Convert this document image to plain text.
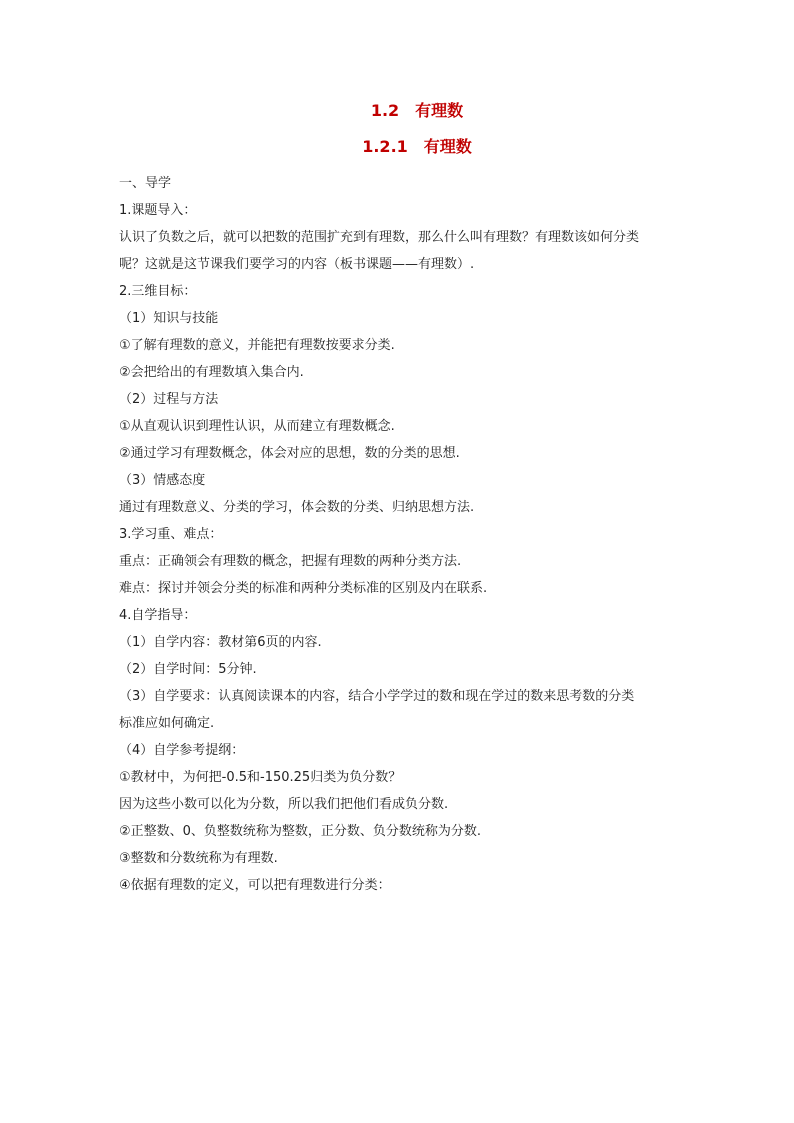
1.2　有理数
1.2.1　有理数

一、导学

1.课题导入：

认识了负数之后，就可以把数的范围扩充到有理数，那么什么叫有理数？有理数该如何分类

呢？这就是这节课我们要学习的内容（板书课题——有理数）.

2.三维目标：

（1）知识与技能

①了解有理数的意义，并能把有理数按要求分类.

②会把给出的有理数填入集合内.

（2）过程与方法

①从直观认识到理性认识，从而建立有理数概念.

②通过学习有理数概念，体会对应的思想，数的分类的思想.

（3）情感态度

通过有理数意义、分类的学习，体会数的分类、归纳思想方法.

3.学习重、难点：

重点：正确领会有理数的概念，把握有理数的两种分类方法.

难点：探讨并领会分类的标准和两种分类标准的区别及内在联系.

4.自学指导：

（1）自学内容：教材第6页的内容.

（2）自学时间：5分钟.

（3）自学要求：认真阅读课本的内容，结合小学学过的数和现在学过的数来思考数的分类

标准应如何确定.

（4）自学参考提纲：

①教材中，为何把-0.5和-150.25归类为负分数？

因为这些小数可以化为分数，所以我们把他们看成负分数.

②正整数、0、负整数统称为整数，正分数、负分数统称为分数.

③整数和分数统称为有理数.

④依据有理数的定义，可以把有理数进行分类：
